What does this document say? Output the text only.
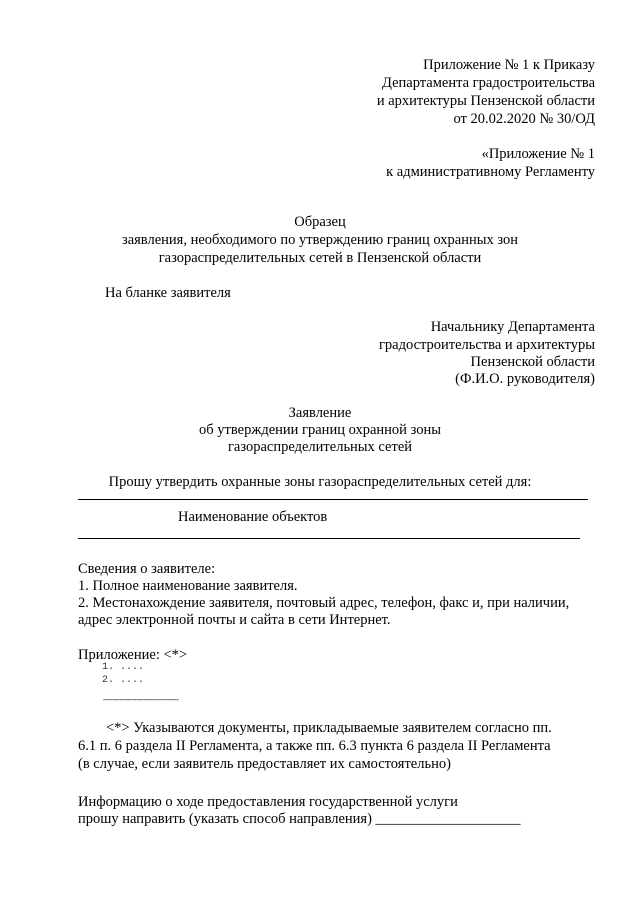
Приложение № 1 к Приказу
Департамента градостроительства
и архитектуры Пензенской области
от 20.02.2020 № 30/ОД
«Приложение № 1
к административному Регламенту
Образец
заявления, необходимого по утверждению границ охранных зон
газораспределительных сетей в Пензенской области
На бланке заявителя
Начальнику Департамента
градостроительства и архитектуры
Пензенской области
(Ф.И.О. руководителя)
Заявление
об утверждении границ охранной зоны
газораспределительных сетей
Прошу утвердить охранные зоны газораспределительных сетей для:
Наименование объектов
Сведения о заявителе:
1. Полное наименование заявителя.
2. Местонахождение заявителя, почтовый адрес, телефон, факс и, при наличии,
адрес электронной почты и сайта в сети Интернет.
Приложение: <*>
1. ....
2. ....
--------------------------------
<*> Указываются документы, прикладываемые заявителем согласно пп.
6.1 п. 6 раздела II Регламента, а также пп. 6.3 пункта 6 раздела II Регламента
(в случае, если заявитель предоставляет их самостоятельно)
Информацию о ходе предоставления государственной услуги
прошу направить (указать способ направления) ____________________
